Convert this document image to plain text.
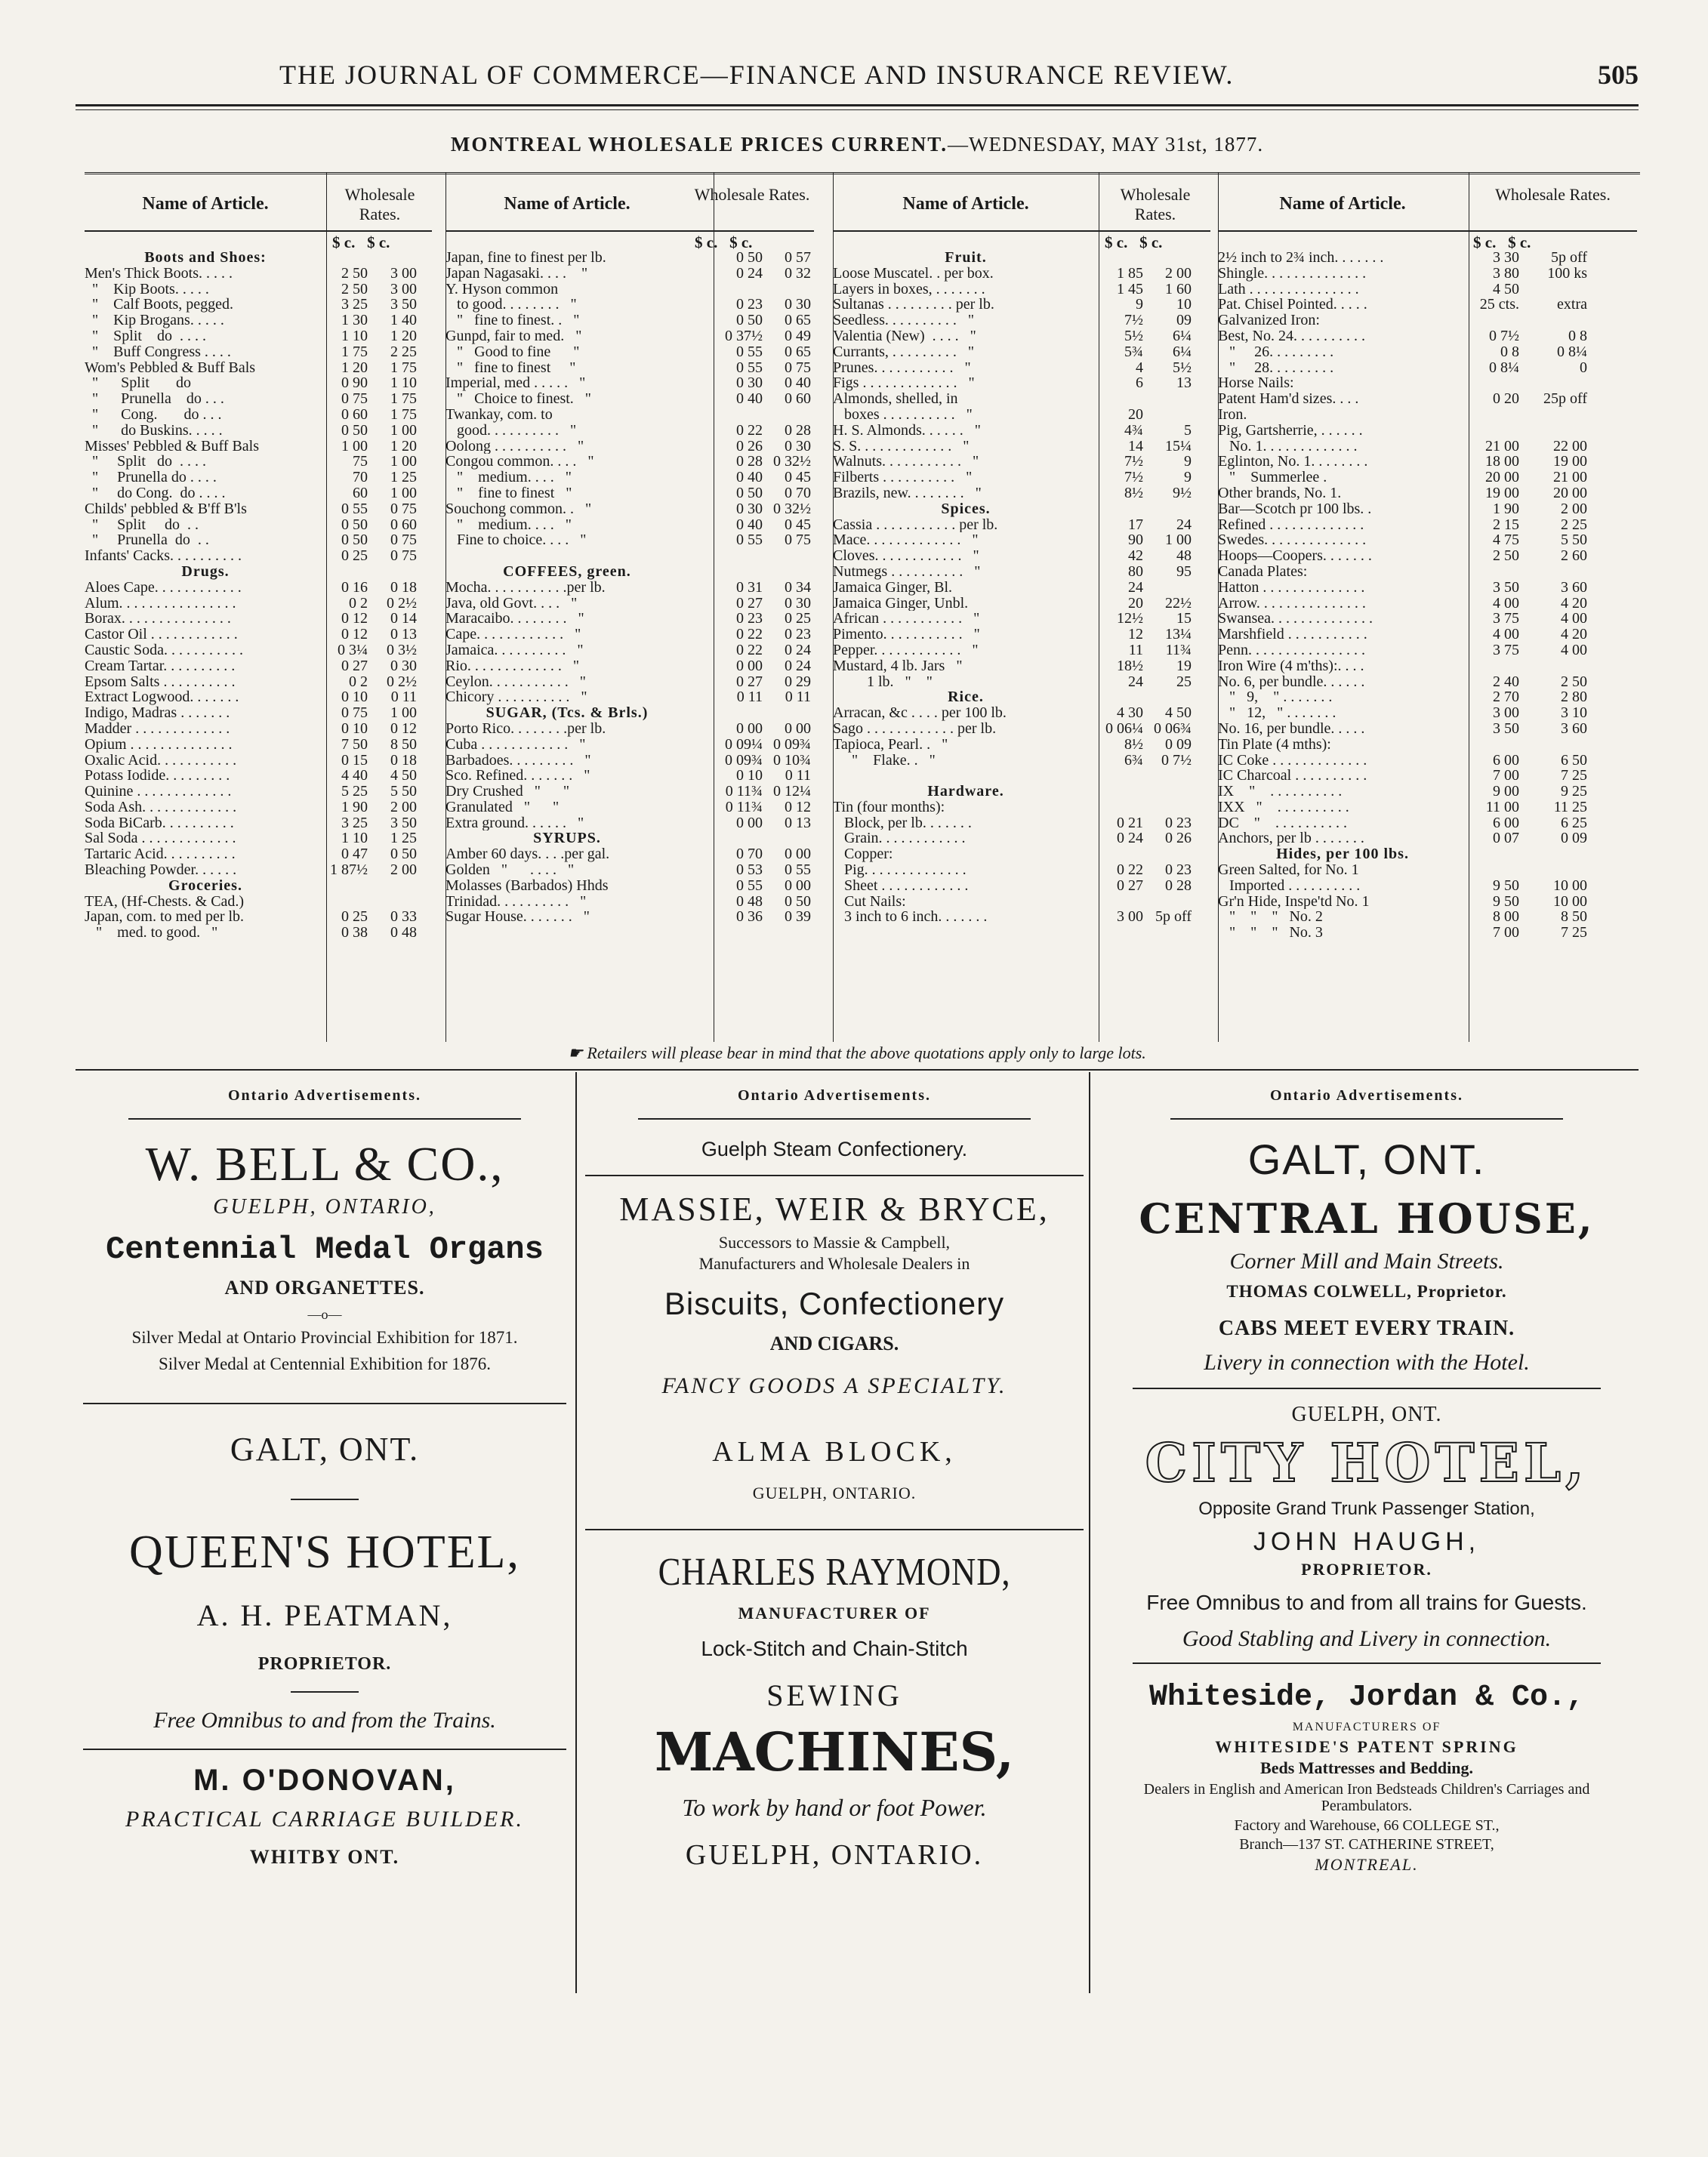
THE JOURNAL OF COMMERCE—FINANCE AND INSURANCE REVIEW.	505
MONTREAL WHOLESALE PRICES CURRENT.—WEDNESDAY, MAY 31st, 1877.
Name of Article.	Wholesale Rates.
$ c.   $ c.
Boots and Shoes:
Men's Thick Boots. . . . .	2 50	3 00
"    Kip Boots. . . . .	2 50	3 00
"    Calf Boots, pegged.	3 25	3 50
"    Kip Brogans. . . . .	1 30	1 40
"    Split    do  . . . .	1 10	1 20
"    Buff Congress . . . .	1 75	2 25
Wom's Pebbled & Buff Bals	1 20	1 75
"      Split       do	0 90	1 10
"      Prunella    do . . .	0 75	1 75
"      Cong.       do . . .	0 60	1 75
"      do Buskins. . . . .	0 50	1 00
Misses' Pebbled & Buff Bals	1 00	1 20
"     Split   do  . . . .	75	1 00
"     Prunella do . . . .	70	1 25
"     do Cong.  do . . . .	60	1 00
Childs' pebbled & B'ff B'ls	0 55	0 75
"     Split     do  . .	0 50	0 60
"     Prunella  do  . .	0 50	0 75
Infants' Cacks. . . . . . . . . .	0 25	0 75
Drugs.
Aloes Cape. . . . . . . . . . . .	0 16	0 18
Alum. . . . . . . . . . . . . . . .	0 2	0 2½
Borax. . . . . . . . . . . . . . .	0 12	0 14
Castor Oil . . . . . . . . . . . .	0 12	0 13
Caustic Soda. . . . . . . . . . .	0 3¼	0 3½
Cream Tartar. . . . . . . . . .	0 27	0 30
Epsom Salts . . . . . . . . . .	0 2	0 2½
Extract Logwood. . . . . . .	0 10	0 11
Indigo, Madras . . . . . . .	0 75	1 00
Madder . . . . . . . . . . . . .	0 10	0 12
Opium . . . . . . . . . . . . . .	7 50	8 50
Oxalic Acid. . . . . . . . . . .	0 15	0 18
Potass Iodide. . . . . . . . .	4 40	4 50
Quinine . . . . . . . . . . . . .	5 25	5 50
Soda Ash. . . . . . . . . . . . .	1 90	2 00
Soda BiCarb. . . . . . . . . .	3 25	3 50
Sal Soda . . . . . . . . . . . . .	1 10	1 25
Tartaric Acid. . . . . . . . . .	0 47	0 50
Bleaching Powder. . . . . .	1 87½	2 00
Groceries.
TEA, (Hf-Chests. & Cad.)
Japan, com. to med per lb.	0 25	0 33
"    med. to good.   "	0 38	0 48
Name of Article.	Wholesale Rates.
$ c.   $ c.
Japan, fine to finest per lb.	0 50	0 57
Japan Nagasaki. . . .    "	0 24	0 32
Y. Hyson common
to good. . . . . . . .   "	0 23	0 30
"   fine to finest. .   "	0 50	0 65
Gunpd, fair to med.   "	0 37½	0 49
"   Good to fine      "	0 55	0 65
"   fine to finest     "	0 55	0 75
Imperial, med . . . . .   "	0 30	0 40
"   Choice to finest.   "	0 40	0 60
Twankay, com. to
good. . . . . . . . . .   "	0 22	0 28
Oolong . . . . . . . . . .   "	0 26	0 30
Congou common. . . .   "	0 28 0 32½
"    medium. . . .   "	0 40	0 45
"    fine to finest   "	0 50	0 70
Souchong common. .   "	0 30 0 32½
"    medium. . . .   "	0 40	0 45
Fine to choice. . . .   "	0 55	0 75
COFFEES, green.
Mocha. . . . . . . . . . .per lb.	0 31	0 34
Java, old Govt. . . .   "	0 27	0 30
Maracaibo. . . . . . . .   "	0 23	0 25
Cape. . . . . . . . . . . .   "	0 22	0 23
Jamaica. . . . . . . . . .   "	0 22	0 24
Rio. . . . . . . . . . . . .   "	0 00	0 24
Ceylon. . . . . . . . . . .   "	0 27	0 29
Chicory . . . . . . . . . .   "	0 11	0 11
SUGAR, (Tcs. & Brls.)
Porto Rico. . . . . . . .per lb.	0 00	0 00
Cuba . . . . . . . . . . . .   "	0 09¼ 0 09¾
Barbadoes. . . . . . . . .   "	0 09¾ 0 10¾
Sco. Refined. . . . . . .   "	0 10	0 11
Dry Crushed   "      "	0 11¾ 0 12¼
Granulated   "      "	0 11¾	0 12
Extra ground. . . . . .   "	0 00	0 13
SYRUPS.
Amber 60 days. . . .per gal.	0 70	0 00
Golden   "      . . . .   "	0 53	0 55
Molasses (Barbados) Hhds	0 55	0 00
Trinidad. . . . . . . . . .   "	0 48	0 50
Sugar House. . . . . . .   "	0 36	0 39
Name of Article.	Wholesale Rates.
$ c.   $ c.
Fruit.
Loose Muscatel. . per box.	1 85	2 00
Layers in boxes, . . . . . . .	1 45	1 60
Sultanas . . . . . . . . . per lb.	9	10
Seedless. . . . . . . . . .   "	7½	09
Valentia (New)  . . . .   "	5½	6¼
Currants, . . . . . . . . .   "	5¾	6¼
Prunes. . . . . . . . . . .   "	4	5½
Figs . . . . . . . . . . . . .   "	6	13
Almonds, shelled, in
boxes . . . . . . . . . .   "	20
H. S. Almonds. . . . . .   "	4¾	5
S. S. . . . . . . . . . . . .   "	14	15¼
Walnuts. . . . . . . . . . .   "	7½	9
Filberts . . . . . . . . . .   "	7½	9
Brazils, new. . . . . . . .   "	8½	9½
Spices.
Cassia . . . . . . . . . . . per lb.	17	24
Mace. . . . . . . . . . . . .   "	90	1 00
Cloves. . . . . . . . . . . .   "	42	48
Nutmegs . . . . . . . . . .   "	80	95
Jamaica Ginger, Bl.	24
Jamaica Ginger, Unbl.	20	22½
African . . . . . . . . . . .   "	12½	15
Pimento. . . . . . . . . . .   "	12	13¼
Pepper. . . . . . . . . . . .   "	11	11¾
Mustard, 4 lb. Jars   "	18½	19
1 lb.   "    "	24	25
Rice.
Arracan, &c . . . . per 100 lb.	4 30	4 50
Sago . . . . . . . . . . . . per lb.	0 06¼ 0 06¾
Tapioca, Pearl. .   "	8½	0 09
"    Flake. .   "	6¾	0 7½
Hardware.
Tin (four months):
Block, per lb. . . . . . .	0 21	0 23
Grain. . . . . . . . . . . .	0 24	0 26
Copper:
Pig. . . . . . . . . . . . . .	0 22	0 23
Sheet . . . . . . . . . . . .	0 27	0 28
Cut Nails:
3 inch to 6 inch. . . . . . .	3 00 5p off
Name of Article.	Wholesale Rates.
$ c.   $ c.
2½ inch to 2¾ inch. . . . . . .	3 30	5p off
Shingle. . . . . . . . . . . . . .	3 80	100 ks
Lath . . . . . . . . . . . . . . .	4 50
Pat. Chisel Pointed. . . . .	25 cts.	extra
Galvanized Iron:
Best, No. 24. . . . . . . . . .	0 7½	0 8
"     26. . . . . . . . .	0 8	0 8¼
"     28. . . . . . . . .	0 8¼	0
Horse Nails:
Patent Ham'd sizes. . . .	0 20	25p off
Iron.
Pig, Gartsherrie, . . . . . .
No. 1. . . . . . . . . . . . .	21 00	22 00
Eglinton, No. 1. . . . . . . .	18 00	19 00
"    Summerlee .	20 00	21 00
Other brands, No. 1.	19 00	20 00
Bar—Scotch pr 100 lbs. .	1 90	2 00
Refined . . . . . . . . . . . . .	2 15	2 25
Swedes. . . . . . . . . . . . . .	4 75	5 50
Hoops—Coopers. . . . . . .	2 50	2 60
Canada Plates:
Hatton . . . . . . . . . . . . . .	3 50	3 60
Arrow. . . . . . . . . . . . . . .	4 00	4 20
Swansea. . . . . . . . . . . . . .	3 75	4 00
Marshfield . . . . . . . . . . .	4 00	4 20
Penn. . . . . . . . . . . . . . . .	3 75	4 00
Iron Wire (4 m'ths):. . . .
No. 6, per bundle. . . . . .	2 40	2 50
"   9,    " . . . . . . .	2 70	2 80
"   12,   " . . . . . . .	3 00	3 10
No. 16, per bundle. . . . .	3 50	3 60
Tin Plate (4 mths):
IC Coke . . . . . . . . . . . . .	6 00	6 50
IC Charcoal . . . . . . . . . .	7 00	7 25
IX    "    . . . . . . . . . .	9 00	9 25
IXX   "    . . . . . . . . . .	11 00	11 25
DC    "    . . . . . . . . . .	6 00	6 25
Anchors, per lb . . . . . . .	0 07	0 09
Hides, per 100 lbs.
Green Salted, for No. 1
Imported . . . . . . . . . .	9 50	10 00
Gr'n Hide, Inspe'td No. 1	9 50	10 00
"    "    "   No. 2	8 00	8 50
"    "    "   No. 3	7 00	7 25
☛ Retailers will please bear in mind that the above quotations apply only to large lots.
Ontario Advertisements.
W. BELL & CO.,
GUELPH, ONTARIO,
Centennial Medal Organs
AND ORGANETTES.
—o—
Silver Medal at Ontario Provincial Exhibition for 1871.
Silver Medal at Centennial Exhibition for 1876.
GALT, ONT.
QUEEN'S HOTEL,
A. H. PEATMAN,
PROPRIETOR.
Free Omnibus to and from the Trains.
M. O'DONOVAN,
PRACTICAL CARRIAGE BUILDER.
WHITBY ONT.
Ontario Advertisements.
Guelph Steam Confectionery.
MASSIE, WEIR & BRYCE,
Successors to Massie & Campbell,
Manufacturers and Wholesale Dealers in
Biscuits, Confectionery
AND CIGARS.
FANCY GOODS A SPECIALTY.
ALMA BLOCK,
GUELPH, ONTARIO.
CHARLES RAYMOND,
MANUFACTURER OF
Lock-Stitch and Chain-Stitch
SEWING
MACHINES,
To work by hand or foot Power.
GUELPH, ONTARIO.
Ontario Advertisements.
GALT, ONT.
CENTRAL HOUSE,
Corner Mill and Main Streets.
THOMAS COLWELL, Proprietor.
CABS MEET EVERY TRAIN.
Livery in connection with the Hotel.
GUELPH, ONT.
CITY HOTEL,
Opposite Grand Trunk Passenger Station,
JOHN HAUGH,
PROPRIETOR.
Free Omnibus to and from all trains for Guests.
Good Stabling and Livery in connection.
Whiteside, Jordan & Co.,
MANUFACTURERS OF
WHITESIDE'S PATENT SPRING
Beds Mattresses and Bedding.
Dealers in English and American Iron Bedsteads Children's Carriages and Perambulators.
Factory and Warehouse, 66 COLLEGE ST.,
Branch—137 ST. CATHERINE STREET,
MONTREAL.
